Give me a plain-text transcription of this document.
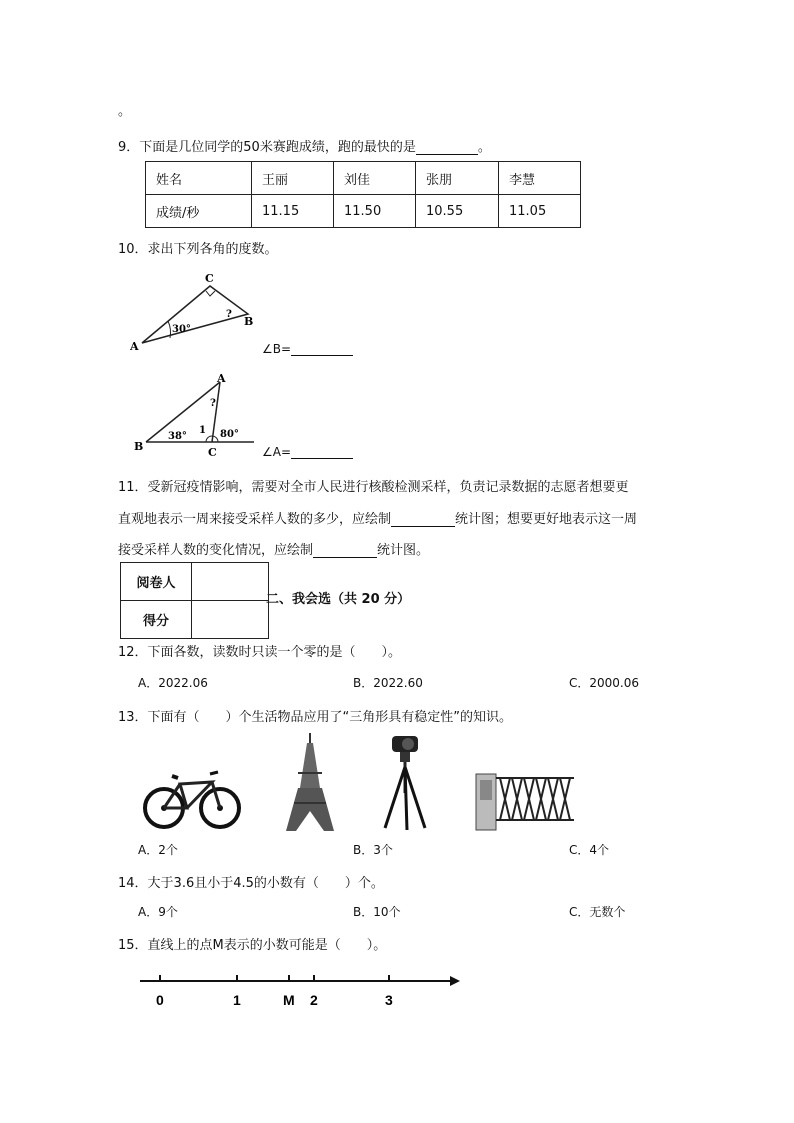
。
9．下面是几位同学的50米赛跑成绩，跑的最快的是	。
姓名	王丽	刘佳	张朋	李慧
成绩/秒	11.15	11.50	10.55	11.05
10．求出下列各角的度数。
A
C
B
30°
?
∠B=
B
A
C
38°
1 80°
?
∠A=
11．受新冠疫情影响，需要对全市人民进行核酸检测采样，负责记录数据的志愿者想要更
直观地表示一周来接受采样人数的多少，应绘制	统计图；想要更好地表示这一周
接受采样人数的变化情况，应绘制	统计图。
阅卷人	
得分	
二、我会选（共 20 分）
12．下面各数，读数时只读一个零的是（　　）。
A．2022.06	B．2022.60	C．2000.06
13．下面有（　　）个生活物品应用了“三角形具有稳定性”的知识。
A．2个	B．3个	C．4个
14．大于3.6且小于4.5的小数有（　　）个。
A．9个	B．10个	C．无数个
15．直线上的点M表示的小数可能是（　　）。
0	1	M 2	3
